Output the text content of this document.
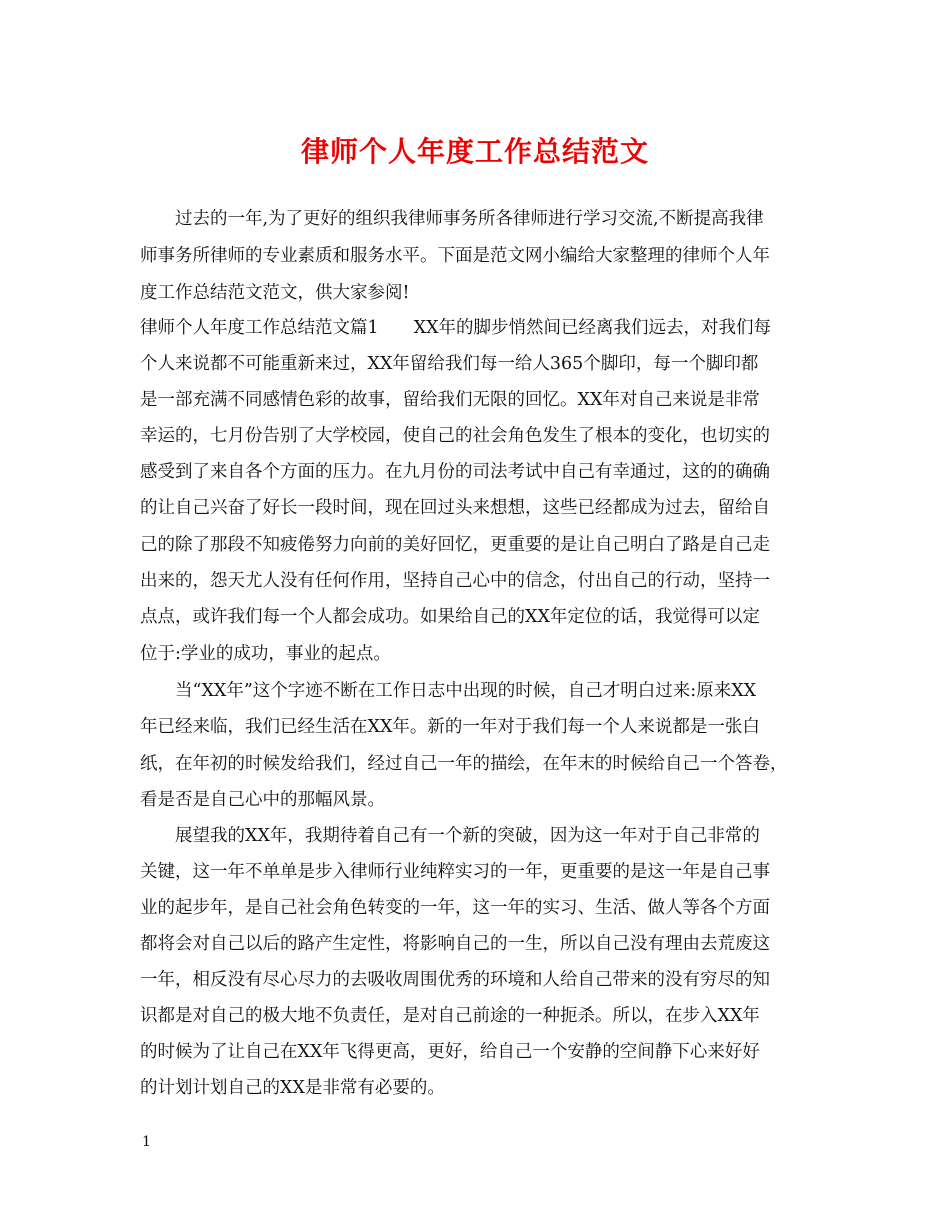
律师个人年度工作总结范文
　　过去的一年,为了更好的组织我律师事务所各律师进行学习交流,不断提高我律
师事务所律师的专业素质和服务水平。下面是范文网小编给大家整理的律师个人年
度工作总结范文范文，供大家参阅!
律师个人年度工作总结范文篇1　　XX年的脚步悄然间已经离我们远去，对我们每
个人来说都不可能重新来过，XX年留给我们每一给人365个脚印，每一个脚印都
是一部充满不同感情色彩的故事，留给我们无限的回忆。XX年对自己来说是非常
幸运的，七月份告别了大学校园，使自己的社会角色发生了根本的变化，也切实的
感受到了来自各个方面的压力。在九月份的司法考试中自己有幸通过，这的的确确
的让自己兴奋了好长一段时间，现在回过头来想想，这些已经都成为过去，留给自
己的除了那段不知疲倦努力向前的美好回忆，更重要的是让自己明白了路是自己走
出来的，怨天尤人没有任何作用，坚持自己心中的信念，付出自己的行动，坚持一
点点，或许我们每一个人都会成功。如果给自己的XX年定位的话，我觉得可以定
位于:学业的成功，事业的起点。
　　当“XX年”这个字迹不断在工作日志中出现的时候，自己才明白过来:原来XX
年已经来临，我们已经生活在XX年。新的一年对于我们每一个人来说都是一张白
纸，在年初的时候发给我们，经过自己一年的描绘，在年末的时候给自己一个答卷，
看是否是自己心中的那幅风景。
　　展望我的XX年，我期待着自己有一个新的突破，因为这一年对于自己非常的
关键，这一年不单单是步入律师行业纯粹实习的一年，更重要的是这一年是自己事
业的起步年，是自己社会角色转变的一年，这一年的实习、生活、做人等各个方面
都将会对自己以后的路产生定性，将影响自己的一生，所以自己没有理由去荒废这
一年，相反没有尽心尽力的去吸收周围优秀的环境和人给自己带来的没有穷尽的知
识都是对自己的极大地不负责任，是对自己前途的一种扼杀。所以，在步入XX年
的时候为了让自己在XX年飞得更高，更好，给自己一个安静的空间静下心来好好
的计划计划自己的XX是非常有必要的。
1
